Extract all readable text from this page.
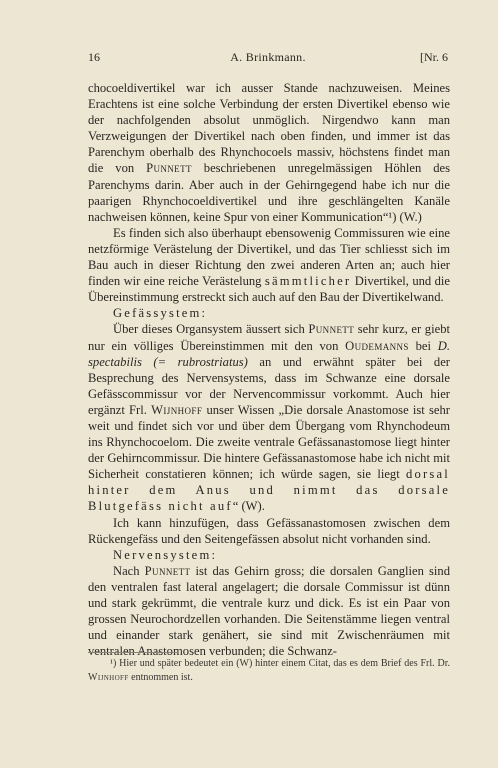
16	A. Brinkmann.	[Nr. 6

chocoeldivertikel war ich ausser Stande nachzuweisen. Meines Erachtens ist eine solche Verbindung der ersten Divertikel ebenso wie der nachfolgenden absolut unmöglich. Nirgendwo kann man Verzweigungen der Divertikel nach oben finden, und immer ist das Parenchym oberhalb des Rhynchocoels massiv, höchstens findet man die von Punnett beschriebenen unregelmässigen Höhlen des Parenchyms darin. Aber auch in der Gehirngegend habe ich nur die paarigen Rhynchocoeldivertikel und ihre geschlängelten Kanäle nachweisen können, keine Spur von einer Kommunication“¹) (W.)

Es finden sich also überhaupt ebensowenig Commissuren wie eine netzförmige Verästelung der Divertikel, und das Tier schliesst sich im Bau auch in dieser Richtung den zwei anderen Arten an; auch hier finden wir eine reiche Verästelung sämmtlicher Divertikel, und die Übereinstimmung erstreckt sich auch auf den Bau der Divertikelwand.

Gefässystem:

Über dieses Organsystem äussert sich Punnett sehr kurz, er giebt nur ein völliges Übereinstimmen mit den von Oudemanns bei D. spectabilis (= rubrostriatus) an und erwähnt später bei der Besprechung des Nervensystems, dass im Schwanze eine dorsale Gefässcommissur vor der Nervencommissur vorkommt. Auch hier ergänzt Frl. Wijnhoff unser Wissen „Die dorsale Anastomose ist sehr weit und findet sich vor und über dem Übergang vom Rhynchodeum ins Rhynchocoelom. Die zweite ventrale Gefässanastomose liegt hinter der Gehirncommissur. Die hintere Gefässanastomose habe ich nicht mit Sicherheit constatieren können; ich würde sagen, sie liegt dorsal hinter dem Anus und nimmt das dorsale Blutgefäss nicht auf“ (W).

Ich kann hinzufügen, dass Gefässanastomosen zwischen dem Rückengefäss und den Seitengefässen absolut nicht vorhanden sind.

Nervensystem:

Nach Punnett ist das Gehirn gross; die dorsalen Ganglien sind den ventralen fast lateral angelagert; die dorsale Commissur ist dünn und stark gekrümmt, die ventrale kurz und dick. Es ist ein Paar von grossen Neurochordzellen vorhanden. Die Seitenstämme liegen ventral und einander stark genähert, sie sind mit Zwischenräumen mit ventralen Anastomosen verbunden; die Schwanz-

¹) Hier und später bedeutet ein (W) hinter einem Citat, das es dem Brief des Frl. Dr. Wijnhoff entnommen ist.
